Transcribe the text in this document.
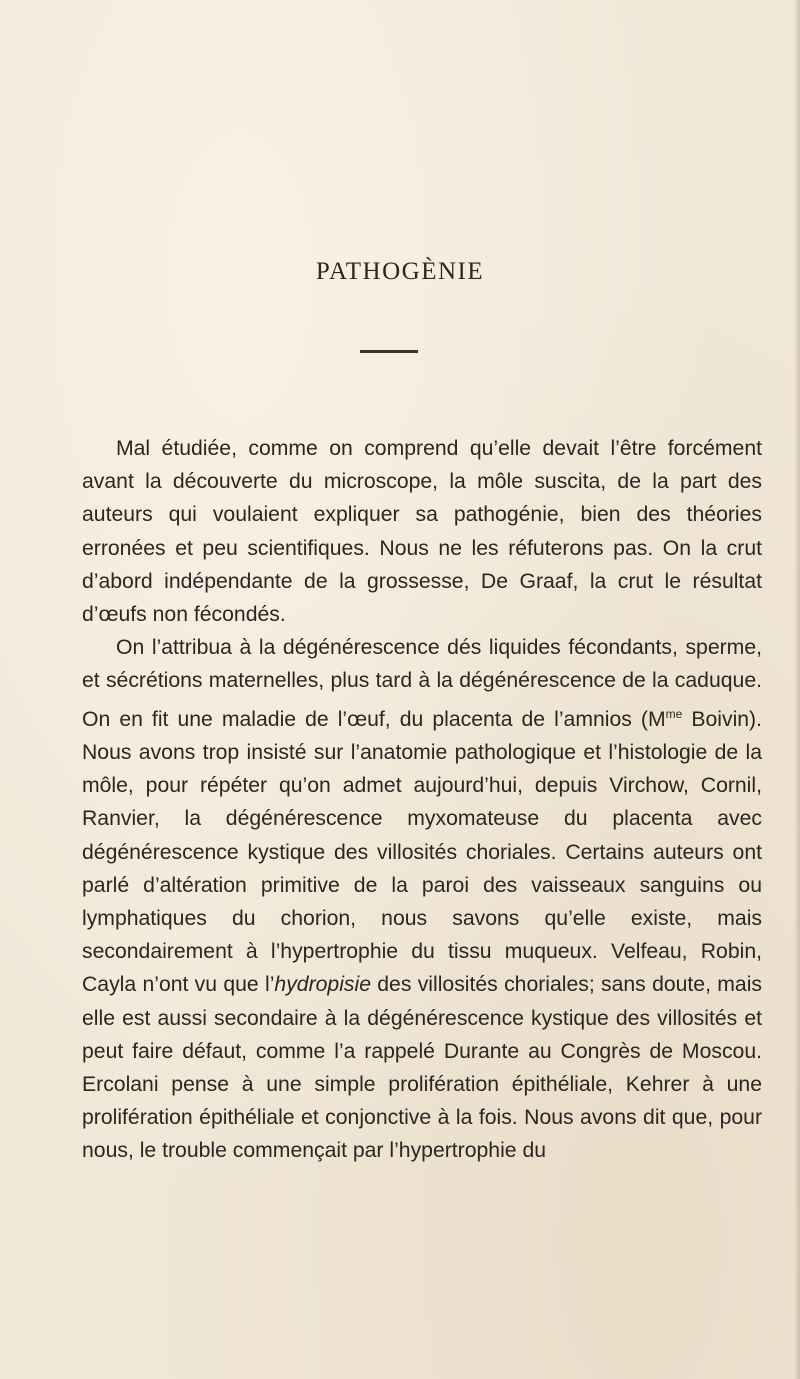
PATHOGÈNIE

Mal étudiée, comme on comprend qu’elle devait l’être forcément avant la découverte du microscope, la môle suscita, de la part des auteurs qui voulaient expliquer sa pathogénie, bien des théories erronées et peu scientifiques. Nous ne les réfuterons pas. On la crut d’abord indépendante de la grossesse, De Graaf, la crut le résultat d’œufs non fécondés.

On l’attribua à la dégénérescence dés liquides fécondants, sperme, et sécrétions maternelles, plus tard à la dégénérescence de la caduque. On en fit une maladie de l’œuf, du placenta de l’amnios ($M^{me}$ Boivin). Nous avons trop insisté sur l’anatomie pathologique et l’histologie de la môle, pour répéter qu’on admet aujourd’hui, depuis Virchow, Cornil, Ranvier, la dégénérescence myxomateuse du placenta avec dégénérescence kystique des villosités choriales. Certains auteurs ont parlé d’altération primitive de la paroi des vaisseaux sanguins ou lymphatiques du chorion, nous savons qu’elle existe, mais secondairement à l’hypertrophie du tissu muqueux. Velfeau, Robin, Cayla n’ont vu que l’hydropisie des villosités choriales; sans doute, mais elle est aussi secondaire à la dégénérescence kystique des villosités et peut faire défaut, comme l’a rappelé Durante au Congrès de Moscou. Ercolani pense à une simple prolifération épithéliale, Kehrer à une prolifération épithéliale et conjonctive à la fois. Nous avons dit que, pour nous, le trouble commençait par l’hypertrophie du
